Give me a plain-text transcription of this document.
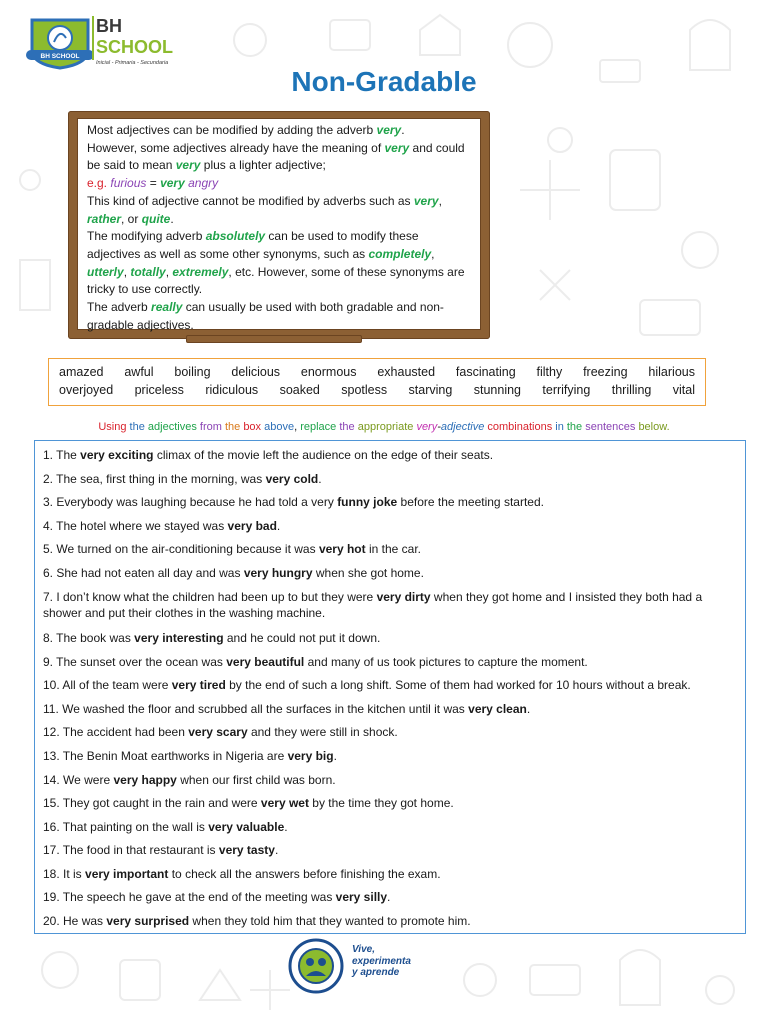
BH SCHOOL
BH
SCHOOL
Inicial - Primaria - Secundaria
Non-Gradable
Most adjectives can be modified by adding the adverb very.
However, some adjectives already have the meaning of very and could be said to mean very plus a lighter adjective;
e.g. furious = very angry
This kind of adjective cannot be modified by adverbs such as very, rather, or quite.
The modifying adverb absolutely can be used to modify these adjectives as well as some other synonyms, such as completely, utterly, totally, extremely, etc. However, some of these synonyms are tricky to use correctly.
The adverb really can usually be used with both gradable and non-gradable adjectives.
amazed awful boiling delicious enormous exhausted fascinating filthy freezing hilarious
overjoyed priceless ridiculous soaked spotless starving stunning terrifying thrilling vital
Using the adjectives from the box above, replace the appropriate very-adjective combinations in the sentences below.
1. The very exciting climax of the movie left the audience on the edge of their seats.
2. The sea, first thing in the morning, was very cold.
3. Everybody was laughing because he had told a very funny joke before the meeting started.
4. The hotel where we stayed was very bad.
5. We turned on the air-conditioning because it was very hot in the car.
6. She had not eaten all day and was very hungry when she got home.
7. I don’t know what the children had been up to but they were very dirty when they got home and I insisted they both had a shower and put their clothes in the washing machine.
8. The book was very interesting and he could not put it down.
9. The sunset over the ocean was very beautiful and many of us took pictures to capture the moment.
10. All of the team were very tired by the end of such a long shift. Some of them had worked for 10 hours without a break.
11. We washed the floor and scrubbed all the surfaces in the kitchen until it was very clean.
12. The accident had been very scary and they were still in shock.
13. The Benin Moat earthworks in Nigeria are very big.
14. We were very happy when our first child was born.
15. They got caught in the rain and were very wet by the time they got home.
16. That painting on the wall is very valuable.
17. The food in that restaurant is very tasty.
18. It is very important to check all the answers before finishing the exam.
19. The speech he gave at the end of the meeting was very silly.
20. He was very surprised when they told him that they wanted to promote him.
Vive,
experimenta
y aprende
